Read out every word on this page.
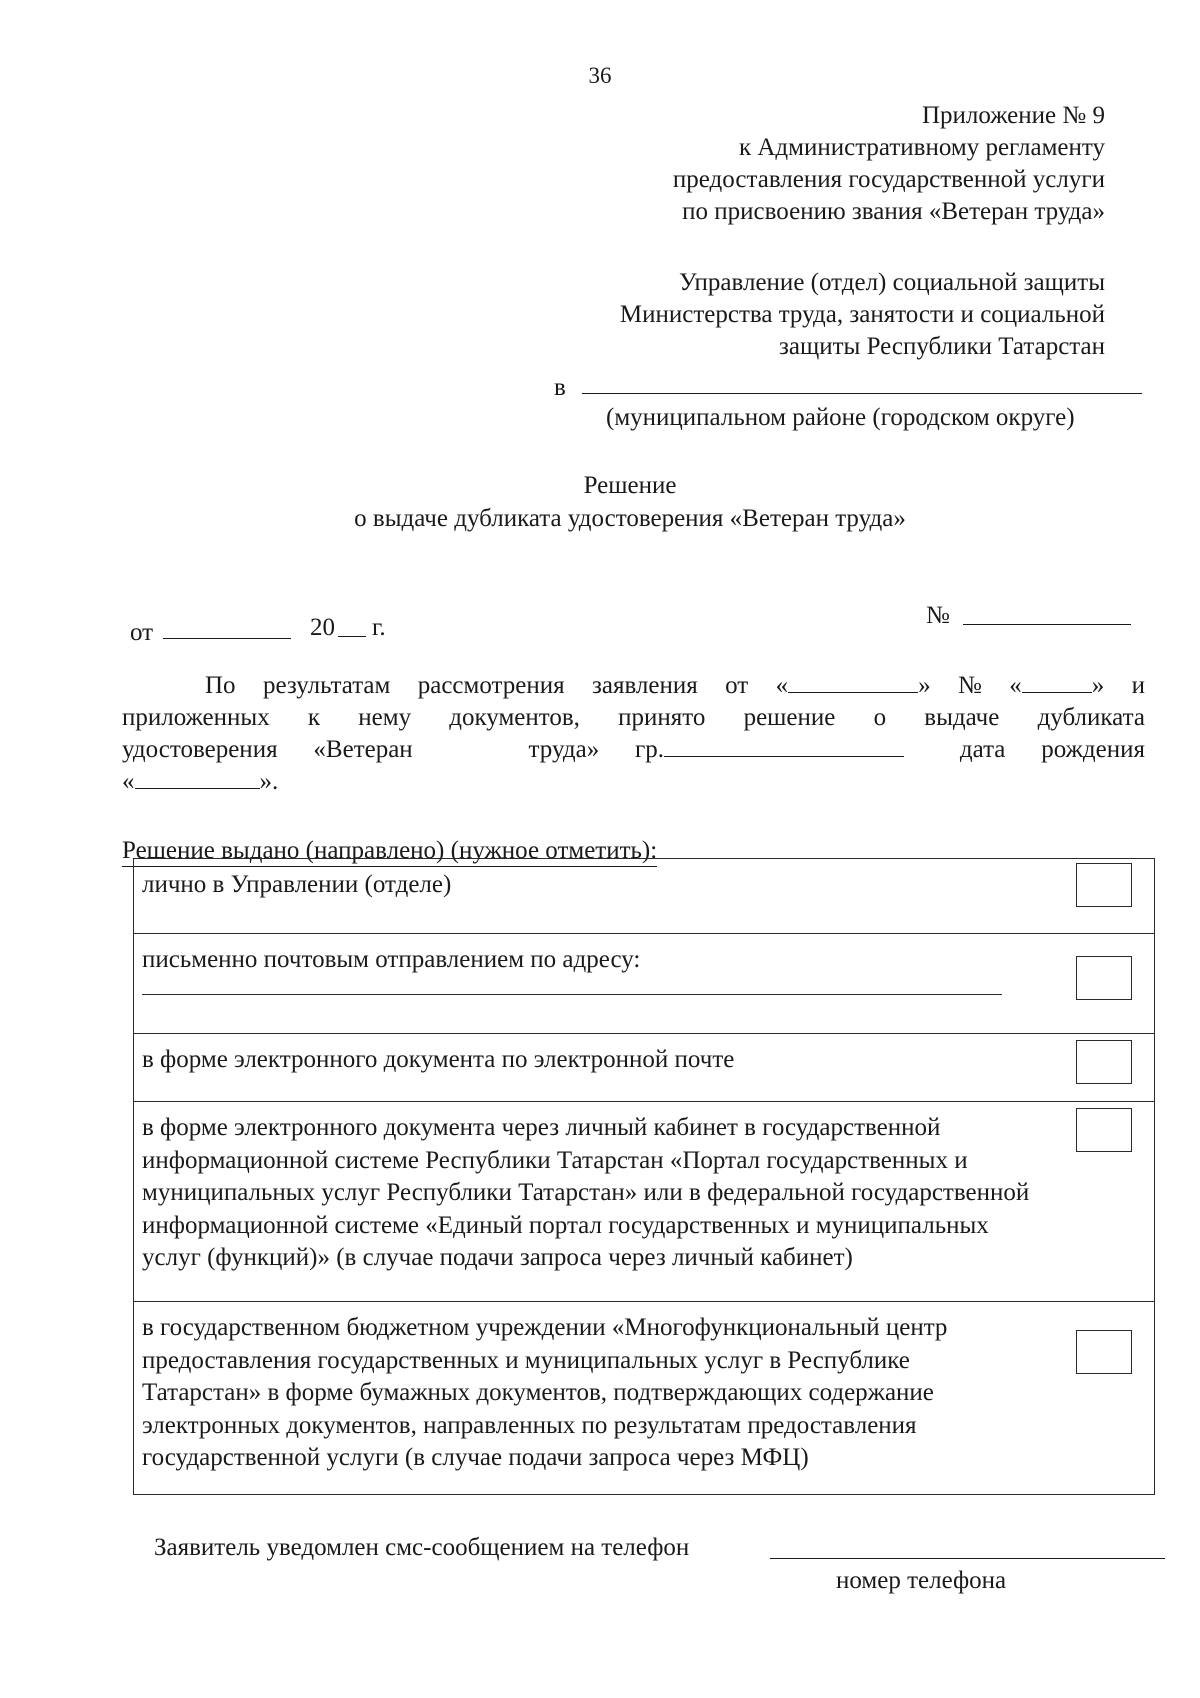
36
Приложение № 9
к Административному регламенту
предоставления государственной услуги
по присвоению звания «Ветеран труда»
Управление (отдел) социальной защиты
Министерства труда, занятости и социальной
защиты Республики Татарстан
в
(муниципальном районе (городском округе)
Решение
о выдаче дубликата удостоверения «Ветеран труда»
от	20 г.	№
По результатам рассмотрения заявления от «	» № «	» и
приложенных к нему документов, принято решение о выдаче дубликата
удостоверения «Ветеран	труда» гр.	дата рождения
«	».
Решение выдано (направлено) (нужное отметить):
лично в Управлении (отделе)
письменно почтовым отправлением по адресу:
в форме электронного документа по электронной почте
в форме электронного документа через личный кабинет в государственной информационной системе Республики Татарстан «Портал государственных и муниципальных услуг Республики Татарстан» или в федеральной государственной информационной системе «Единый портал государственных и муниципальных услуг (функций)» (в случае подачи запроса через личный кабинет)
в государственном бюджетном учреждении «Многофункциональный центр предоставления государственных и муниципальных услуг в Республике Татарстан» в форме бумажных документов, подтверждающих содержание электронных документов, направленных по результатам предоставления государственной услуги (в случае подачи запроса через МФЦ)
Заявитель уведомлен смс-сообщением на телефон
номер телефона
